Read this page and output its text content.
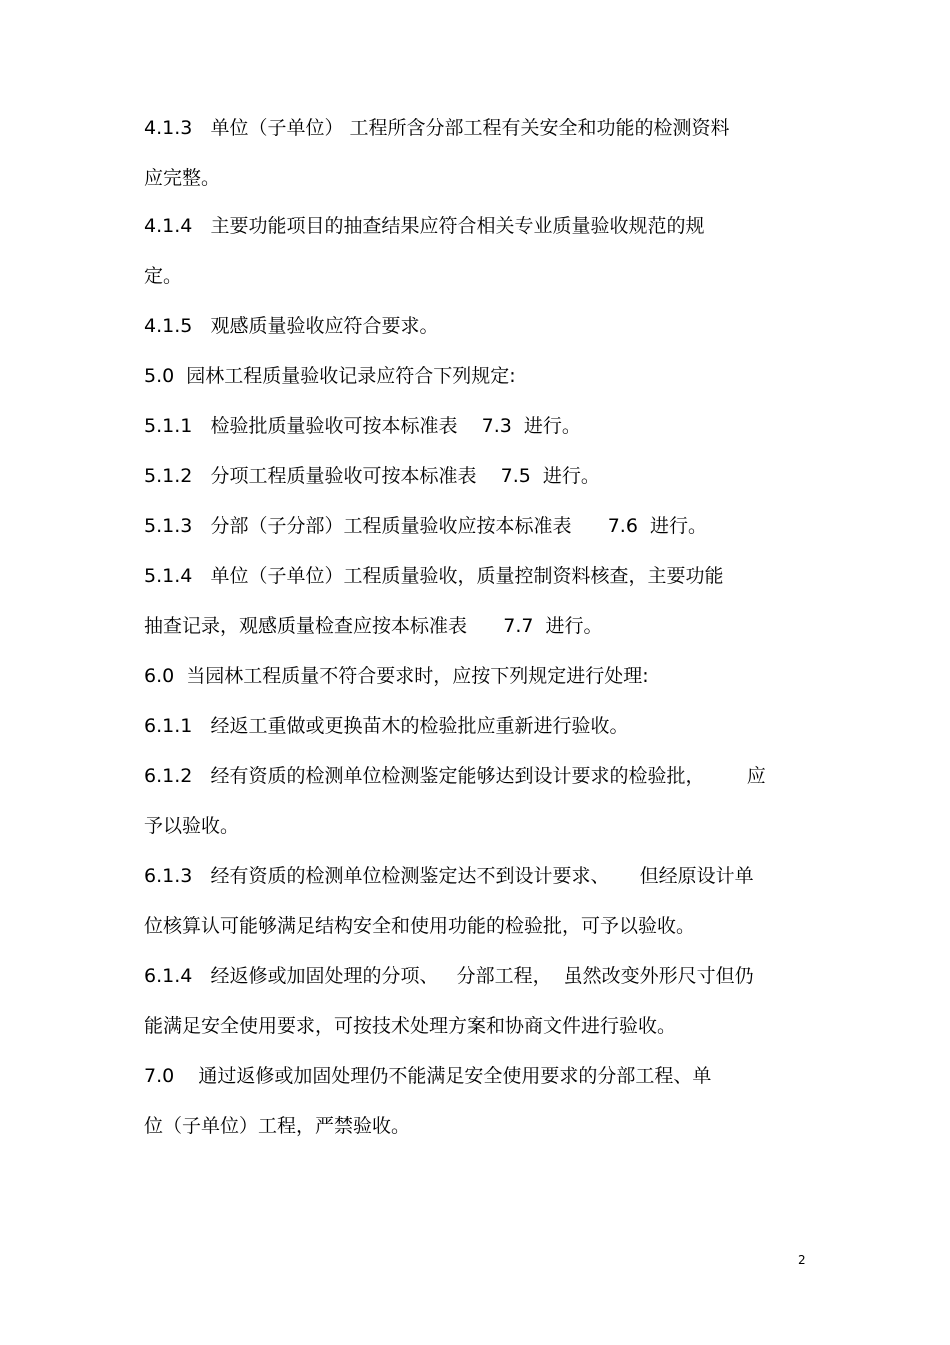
4.1.3   单位（子单位） 工程所含分部工程有关安全和功能的检测资料
应完整。
4.1.4   主要功能项目的抽查结果应符合相关专业质量验收规范的规
定。
4.1.5   观感质量验收应符合要求。
5.0  园林工程质量验收记录应符合下列规定:
5.1.1   检验批质量验收可按本标准表    7.3  进行。
5.1.2   分项工程质量验收可按本标准表    7.5  进行。
5.1.3   分部（子分部）工程质量验收应按本标准表      7.6  进行。
5.1.4   单位（子单位）工程质量验收，质量控制资料核查，主要功能
抽查记录，观感质量检查应按本标准表      7.7  进行。
6.0  当园林工程质量不符合要求时，应按下列规定进行处理:
6.1.1   经返工重做或更换苗木的检验批应重新进行验收。
6.1.2   经有资质的检测单位检测鉴定能够达到设计要求的检验批，       应
予以验收。
6.1.3   经有资质的检测单位检测鉴定达不到设计要求、     但经原设计单
位核算认可能够满足结构安全和使用功能的检验批，可予以验收。
6.1.4   经返修或加固处理的分项、   分部工程，  虽然改变外形尺寸但仍
能满足安全使用要求，可按技术处理方案和协商文件进行验收。
7.0    通过返修或加固处理仍不能满足安全使用要求的分部工程、单
位（子单位）工程，严禁验收。
2
